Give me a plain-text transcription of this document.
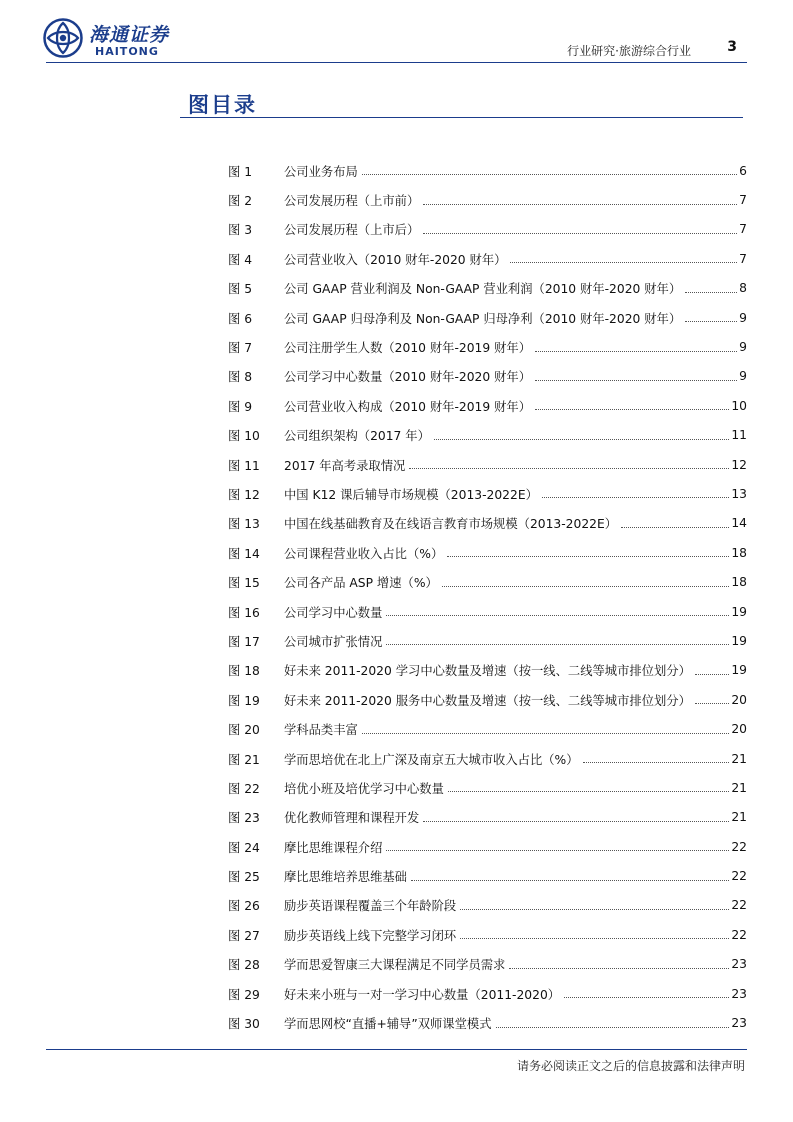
海通证券
HAITONG	行业研究·旅游综合行业	3
图目录
图 1	公司业务布局	6
图 2	公司发展历程（上市前）	7
图 3	公司发展历程（上市后）	7
图 4	公司营业收入（2010 财年-2020 财年）	7
图 5	公司 GAAP 营业利润及 Non-GAAP 营业利润（2010 财年-2020 财年）	8
图 6	公司 GAAP 归母净利及 Non-GAAP 归母净利（2010 财年-2020 财年）	9
图 7	公司注册学生人数（2010 财年-2019 财年）	9
图 8	公司学习中心数量（2010 财年-2020 财年）	9
图 9	公司营业收入构成（2010 财年-2019 财年）	10
图 10	公司组织架构（2017 年）	11
图 11	2017 年高考录取情况	12
图 12	中国 K12 课后辅导市场规模（2013-2022E）	13
图 13	中国在线基础教育及在线语言教育市场规模（2013-2022E）	14
图 14	公司课程营业收入占比（%）	18
图 15	公司各产品 ASP 增速（%）	18
图 16	公司学习中心数量	19
图 17	公司城市扩张情况	19
图 18	好未来 2011-2020 学习中心数量及增速（按一线、二线等城市排位划分）	19
图 19	好未来 2011-2020 服务中心数量及增速（按一线、二线等城市排位划分）	20
图 20	学科品类丰富	20
图 21	学而思培优在北上广深及南京五大城市收入占比（%）	21
图 22	培优小班及培优学习中心数量	21
图 23	优化教师管理和课程开发	21
图 24	摩比思维课程介绍	22
图 25	摩比思维培养思维基础	22
图 26	励步英语课程覆盖三个年龄阶段	22
图 27	励步英语线上线下完整学习闭环	22
图 28	学而思爱智康三大课程满足不同学员需求	23
图 29	好未来小班与一对一学习中心数量（2011-2020）	23
图 30	学而思网校“直播+辅导”双师课堂模式	23
请务必阅读正文之后的信息披露和法律声明
